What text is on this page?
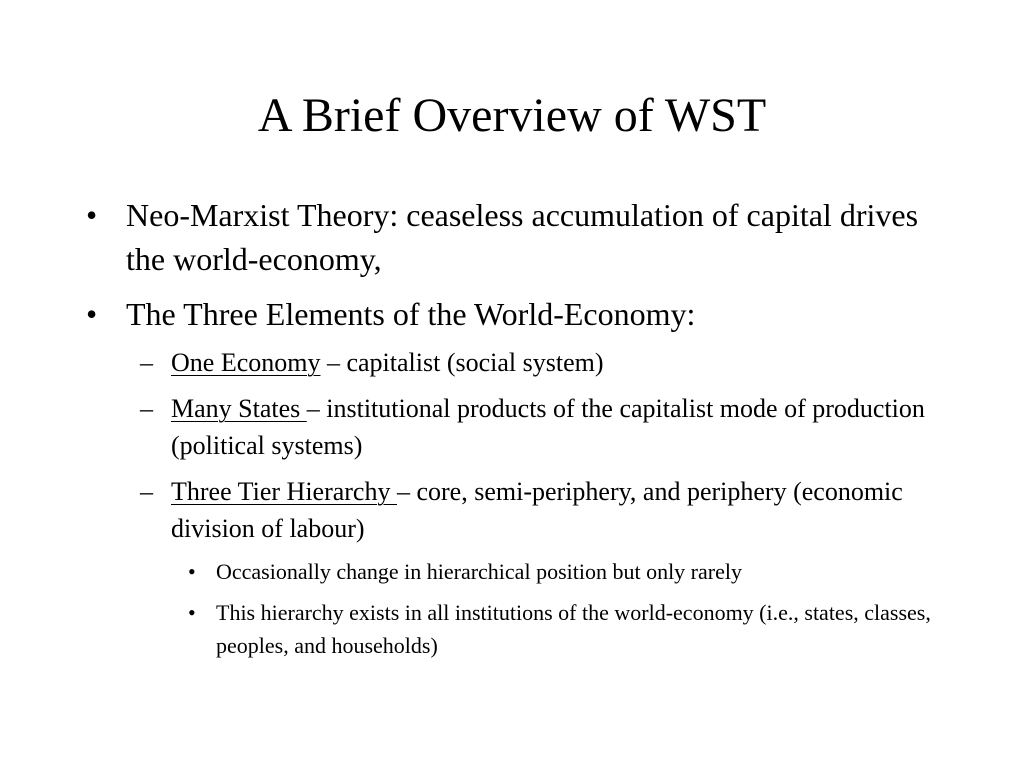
A Brief Overview of WST
• Neo-Marxist Theory: ceaseless accumulation of capital drives the world-economy,
• The Three Elements of the World-Economy:
– One Economy – capitalist (social system)
– Many States – institutional products of the capitalist mode of production (political systems)
– Three Tier Hierarchy – core, semi-periphery, and periphery (economic division of labour)
• Occasionally change in hierarchical position but only rarely
• This hierarchy exists in all institutions of the world-economy (i.e., states, classes, peoples, and households)
